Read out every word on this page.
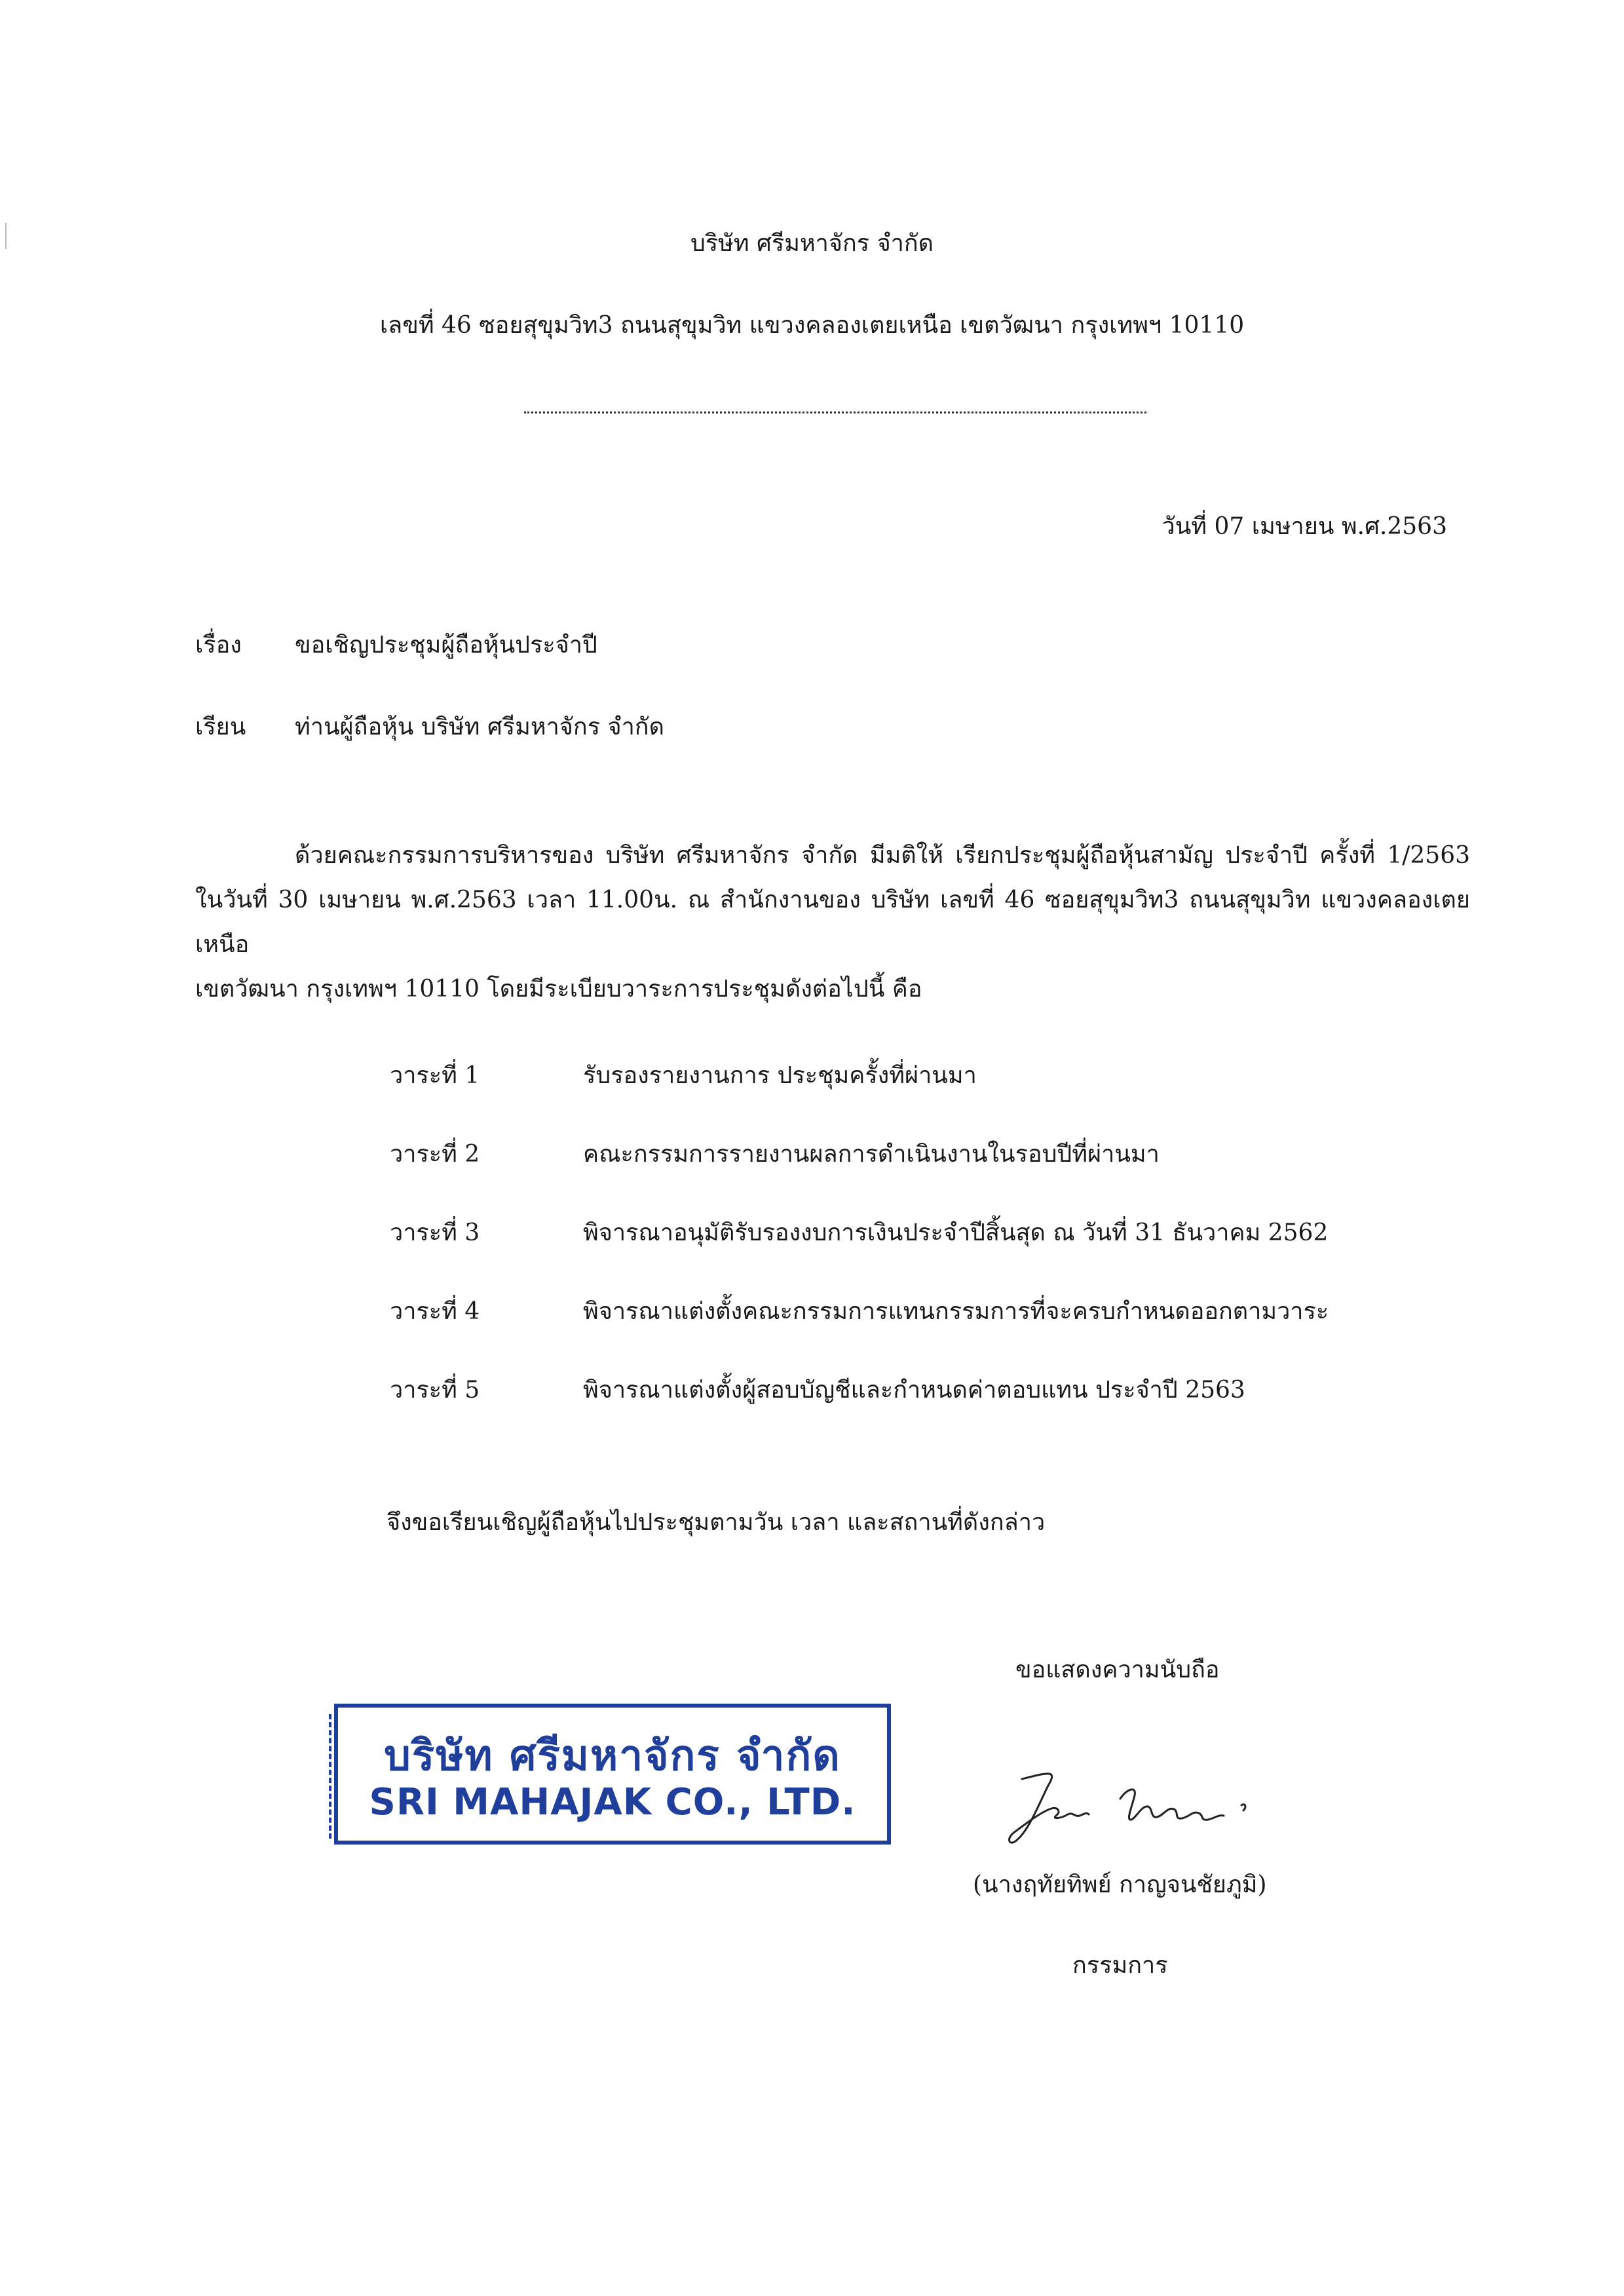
บริษัท ศรีมหาจักร จำกัด
เลขที่ 46 ซอยสุขุมวิท3 ถนนสุขุมวิท แขวงคลองเตยเหนือ เขตวัฒนา กรุงเทพฯ 10110
วันที่ 07 เมษายน พ.ศ.2563
เรื่อง ขอเชิญประชุมผู้ถือหุ้นประจำปี
เรียน ท่านผู้ถือหุ้น บริษัท ศรีมหาจักร จำกัด

ด้วยคณะกรรมการบริหารของ บริษัท ศรีมหาจักร จำกัด มีมติให้ เรียกประชุมผู้ถือหุ้นสามัญ ประจำปี ครั้งที่ 1/2563

ในวันที่ 30 เมษายน พ.ศ.2563 เวลา 11.00น. ณ สำนักงานของ บริษัท เลขที่ 46 ซอยสุขุมวิท3 ถนนสุขุมวิท แขวงคลองเตยเหนือ

เขตวัฒนา กรุงเทพฯ 10110 โดยมีระเบียบวาระการประชุมดังต่อไปนี้ คือ

วาระที่ 1	รับรองรายงานการ ประชุมครั้งที่ผ่านมา
วาระที่ 2	คณะกรรมการรายงานผลการดำเนินงานในรอบปีที่ผ่านมา
วาระที่ 3	พิจารณาอนุมัติรับรองงบการเงินประจำปีสิ้นสุด ณ วันที่ 31 ธันวาคม 2562
วาระที่ 4	พิจารณาแต่งตั้งคณะกรรมการแทนกรรมการที่จะครบกำหนดออกตามวาระ
วาระที่ 5	พิจารณาแต่งตั้งผู้สอบบัญชีและกำหนดค่าตอบแทน ประจำปี 2563
จึงขอเรียนเชิญผู้ถือหุ้นไปประชุมตามวัน เวลา และสถานที่ดังกล่าว
ขอแสดงความนับถือ
บริษัท ศรีมหาจักร จำกัด
SRI MAHAJAK CO., LTD.
(นางฤทัยทิพย์ กาญจนชัยภูมิ)
กรรมการ
